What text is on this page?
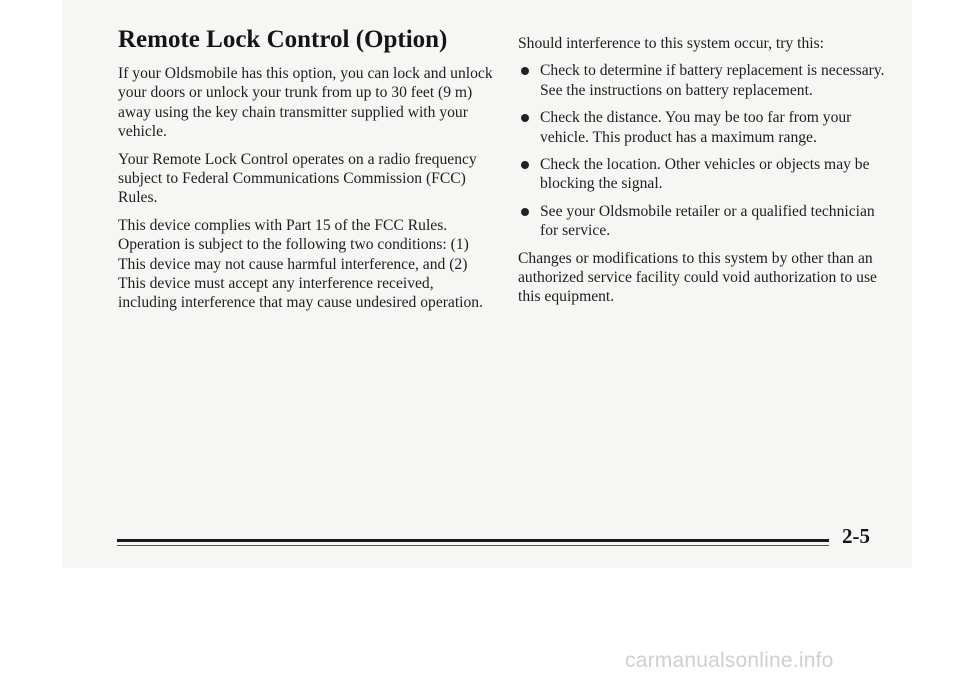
Remote Lock Control (Option)

If your Oldsmobile has this option, you can lock and unlock your doors or unlock your trunk from up to 30 feet (9 m) away using the key chain transmitter supplied with your vehicle.

Your Remote Lock Control operates on a radio frequency subject to Federal Communications Commission (FCC) Rules.

This device complies with Part 15 of the FCC Rules. Operation is subject to the following two conditions: (1) This device may not cause harmful interference, and (2) This device must accept any interference received, including interference that may cause undesired operation.

Should interference to this system occur, try this:

Check to determine if battery replacement is necessary. See the instructions on battery replacement.
Check the distance. You may be too far from your vehicle. This product has a maximum range.
Check the location. Other vehicles or objects may be blocking the signal.
See your Oldsmobile retailer or a qualified technician for service.

Changes or modifications to this system by other than an authorized service facility could void authorization to use this equipment.

2-5
carmanualsonline.info
